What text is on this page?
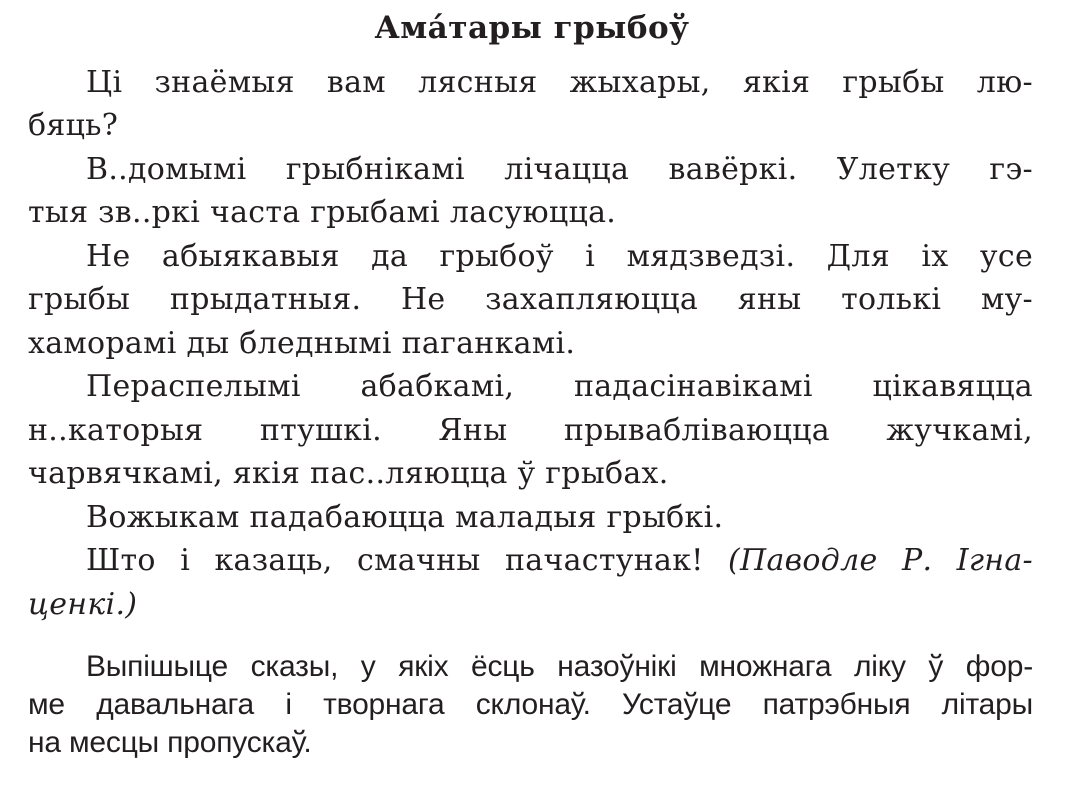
Ама́тары грыбоў
Ці знаёмыя вам лясныя жыхары, якія грыбы лю-
бяць?
В..домымі грыбнікамі лічацца вавёркі. Улетку гэ-
тыя зв..ркі часта грыбамі ласуюцца.
Не абыякавыя да грыбоў і мядзведзі. Для іх усе
грыбы прыдатныя. Не захапляюцца яны толькі му-
хаморамі ды бледнымі паганкамі.
Перaспелымі абабкамі, падасінавікамі цікавяцца
н..каторыя птушкі. Яны прываблiваюцца жучкамі,
чарвячкамі, якія пас..ляюцца ў грыбах.
Вожыкам падабаюцца маладыя грыбкі.
Што і казаць, смачны пачастунак! (Паводле Р. Ігна-
ценкі.)
Выпішыце сказы, у якіх ёсць назоўнікі множнага ліку ў фор-
ме давальнага і творнага склонаў. Устаўце патрэбныя літары
на месцы пропускаў.
